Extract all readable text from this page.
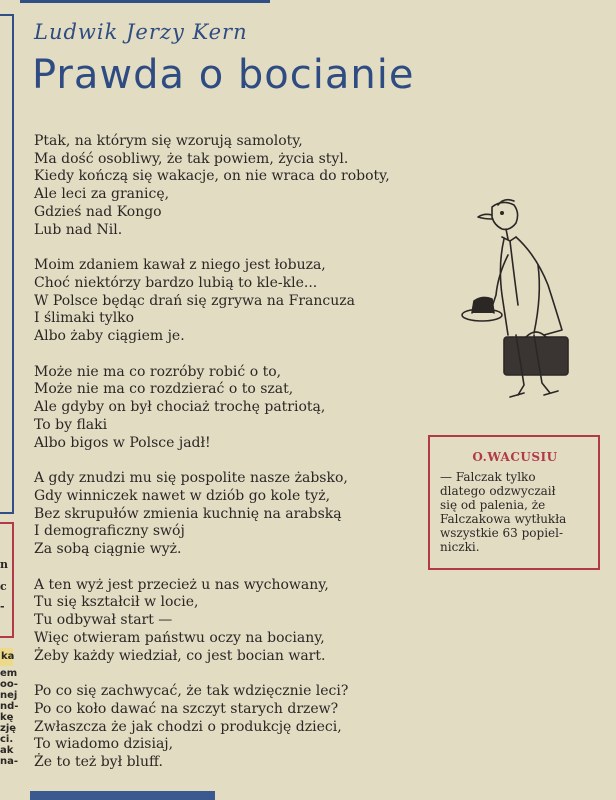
n
c
-
ka
em
oo-
nej
nd-
kę
zję
ci.
ak
na-
Ludwik Jerzy Kern
Prawda o bocianie
Ptak, na którym się wzorują samoloty,
Ma dość osobliwy, że tak powiem, życia styl.
Kiedy kończą się wakacje, on nie wraca do roboty,
Ale leci za granicę,
Gdzieś nad Kongo
Lub nad Nil.
Moim zdaniem kawał z niego jest łobuza,
Choć niektórzy bardzo lubią to kle-kle...
W Polsce będąc drań się zgrywa na Francuza
I ślimaki tylko
Albo żaby ciągiem je.
Może nie ma co rozróby robić o to,
Może nie ma co rozdzierać o to szat,
Ale gdyby on był chociaż trochę patriotą,
To by flaki
Albo bigos w Polsce jadł!
A gdy znudzi mu się pospolite nasze żabsko,
Gdy winniczek nawet w dziób go kole tyż,
Bez skrupułów zmienia kuchnię na arabską
I demograficzny swój
Za sobą ciągnie wyż.
A ten wyż jest przecież u nas wychowany,
Tu się kształcił w locie,
Tu odbywał start —
Więc otwieram państwu oczy na bociany,
Żeby każdy wiedział, co jest bocian wart.
Po co się zachwycać, że tak wdzięcznie leci?
Po co koło dawać na szczyt starych drzew?
Zwłaszcza że jak chodzi o produkcję dzieci,
To wiadomo dzisiaj,
Że to też był bluff.
O.WACUSIU
— Falczak tylko
dlatego odzwyczaił
się od palenia, że
Falczakowa wytłukła
wszystkie 63 popiel-
niczki.
